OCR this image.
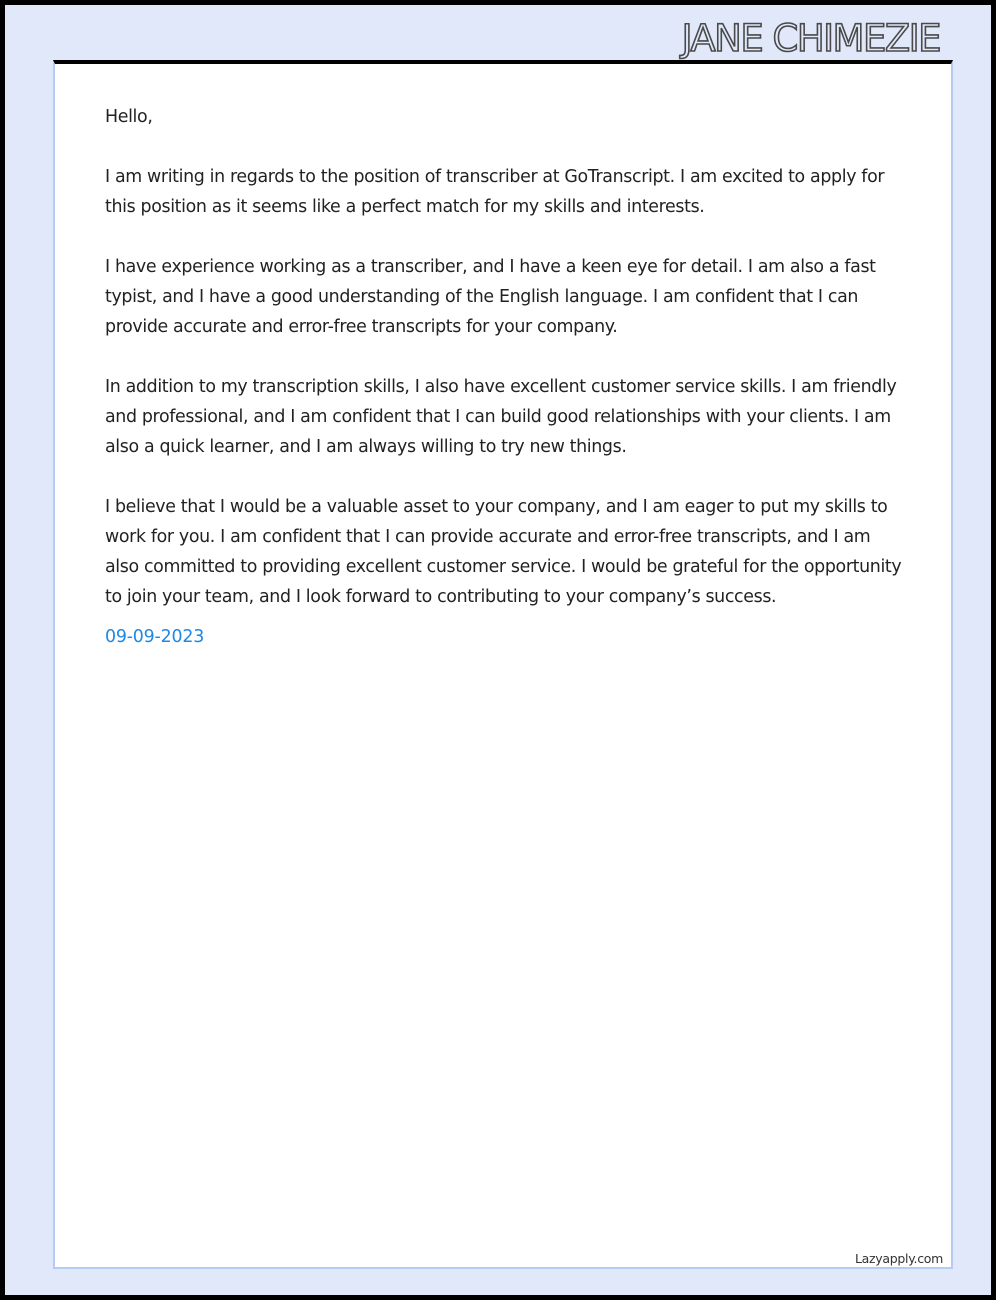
JANE CHIMEZIE

Hello,

I am writing in regards to the position of transcriber at GoTranscript. I am excited to apply for this position as it seems like a perfect match for my skills and interests.

I have experience working as a transcriber, and I have a keen eye for detail. I am also a fast typist, and I have a good understanding of the English language. I am confident that I can provide accurate and error-free transcripts for your company.

In addition to my transcription skills, I also have excellent customer service skills. I am friendly and professional, and I am confident that I can build good relationships with your clients. I am also a quick learner, and I am always willing to try new things.

I believe that I would be a valuable asset to your company, and I am eager to put my skills to work for you. I am confident that I can provide accurate and error-free transcripts, and I am also committed to providing excellent customer service. I would be grateful for the opportunity to join your team, and I look forward to contributing to your company’s success.

09-09-2023
Lazyapply.com
